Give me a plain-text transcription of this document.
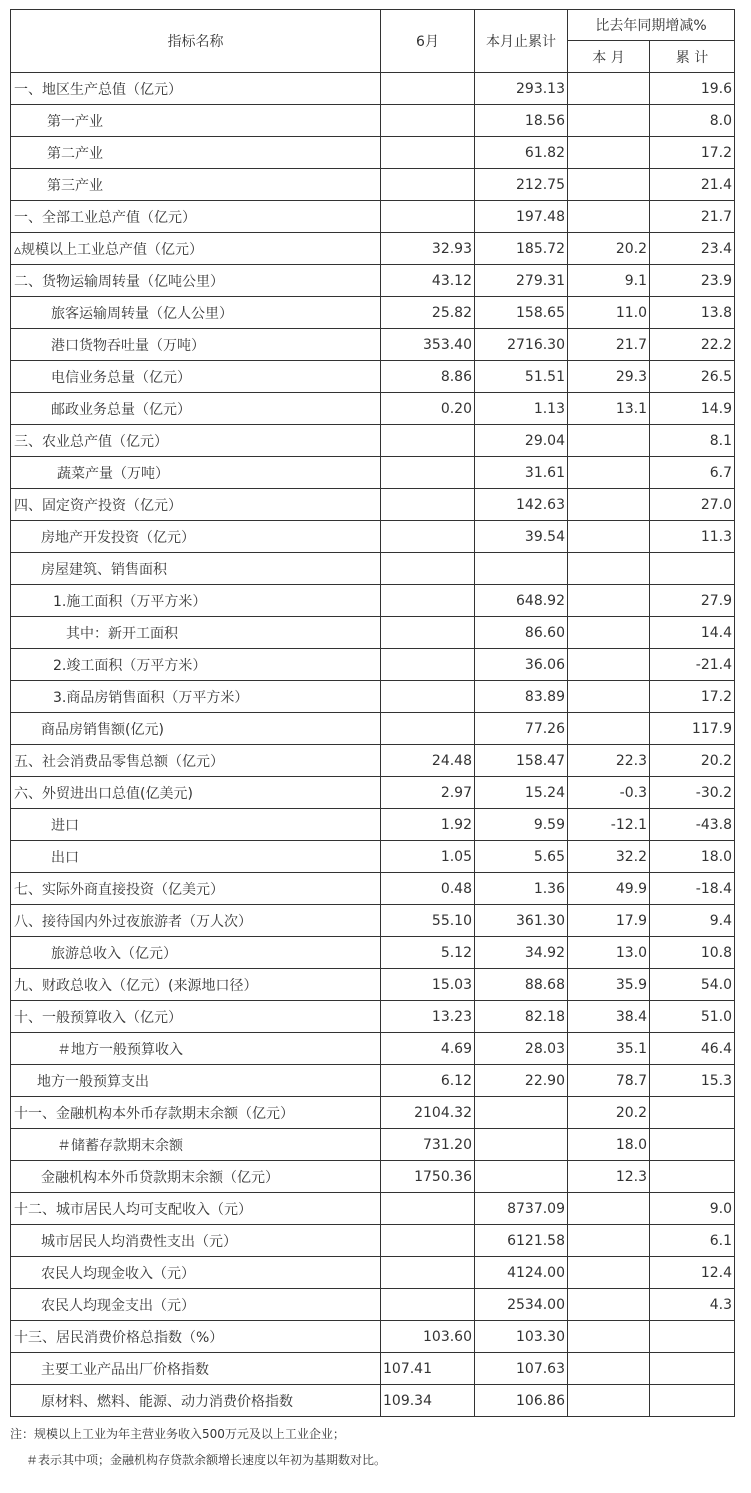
指标名称	6月	本月止累计	比去年同期增减%	
			本 月	累 计
一、地区生产总值（亿元）		293.13		19.6
第一产业		18.56		8.0
第二产业		61.82		17.2
第三产业		212.75		21.4
一、全部工业总产值（亿元）		197.48		21.7
▵规模以上工业总产值（亿元）	32.93	185.72	20.2	23.4
二、货物运输周转量（亿吨公里）	43.12	279.31	9.1	23.9
旅客运输周转量（亿人公里）	25.82	158.65	11.0	13.8
港口货物吞吐量（万吨）	353.40	2716.30	21.7	22.2
电信业务总量（亿元）	8.86	51.51	29.3	26.5
邮政业务总量（亿元）	0.20	1.13	13.1	14.9
三、农业总产值（亿元）		29.04		8.1
蔬菜产量（万吨）		31.61		6.7
四、固定资产投资（亿元）		142.63		27.0
房地产开发投资（亿元）		39.54		11.3
房屋建筑、销售面积				
1.施工面积（万平方米）		648.92		27.9
其中：新开工面积		86.60		14.4
2.竣工面积（万平方米）		36.06		-21.4
3.商品房销售面积（万平方米）		83.89		17.2
商品房销售额(亿元)		77.26		117.9
五、社会消费品零售总额（亿元）	24.48	158.47	22.3	20.2
六、外贸进出口总值(亿美元)	2.97	15.24	-0.3	-30.2
进口	1.92	9.59	-12.1	-43.8
出口	1.05	5.65	32.2	18.0
七、实际外商直接投资（亿美元）	0.48	1.36	49.9	-18.4
八、接待国内外过夜旅游者（万人次）	55.10	361.30	17.9	9.4
旅游总收入（亿元）	5.12	34.92	13.0	10.8
九、财政总收入（亿元）(来源地口径）	15.03	88.68	35.9	54.0
十、一般预算收入（亿元）	13.23	82.18	38.4	51.0
＃地方一般预算收入	4.69	28.03	35.1	46.4
地方一般预算支出	6.12	22.90	78.7	15.3
十一、金融机构本外币存款期末余额（亿元）	2104.32		20.2	
＃储蓄存款期末余额	731.20		18.0	
金融机构本外币贷款期末余额（亿元）	1750.36		12.3	
十二、城市居民人均可支配收入（元）		8737.09		9.0
城市居民人均消费性支出（元）		6121.58		6.1
农民人均现金收入（元）		4124.00		12.4
农民人均现金支出（元）		2534.00		4.3
十三、居民消费价格总指数（%）	103.60	103.30		
主要工业产品出厂价格指数	107.41	107.63		
原材料、燃料、能源、动力消费价格指数	109.34	106.86		
注：规模以上工业为年主营业务收入500万元及以上工业企业；
＃表示其中项；金融机构存贷款余额增长速度以年初为基期数对比。
